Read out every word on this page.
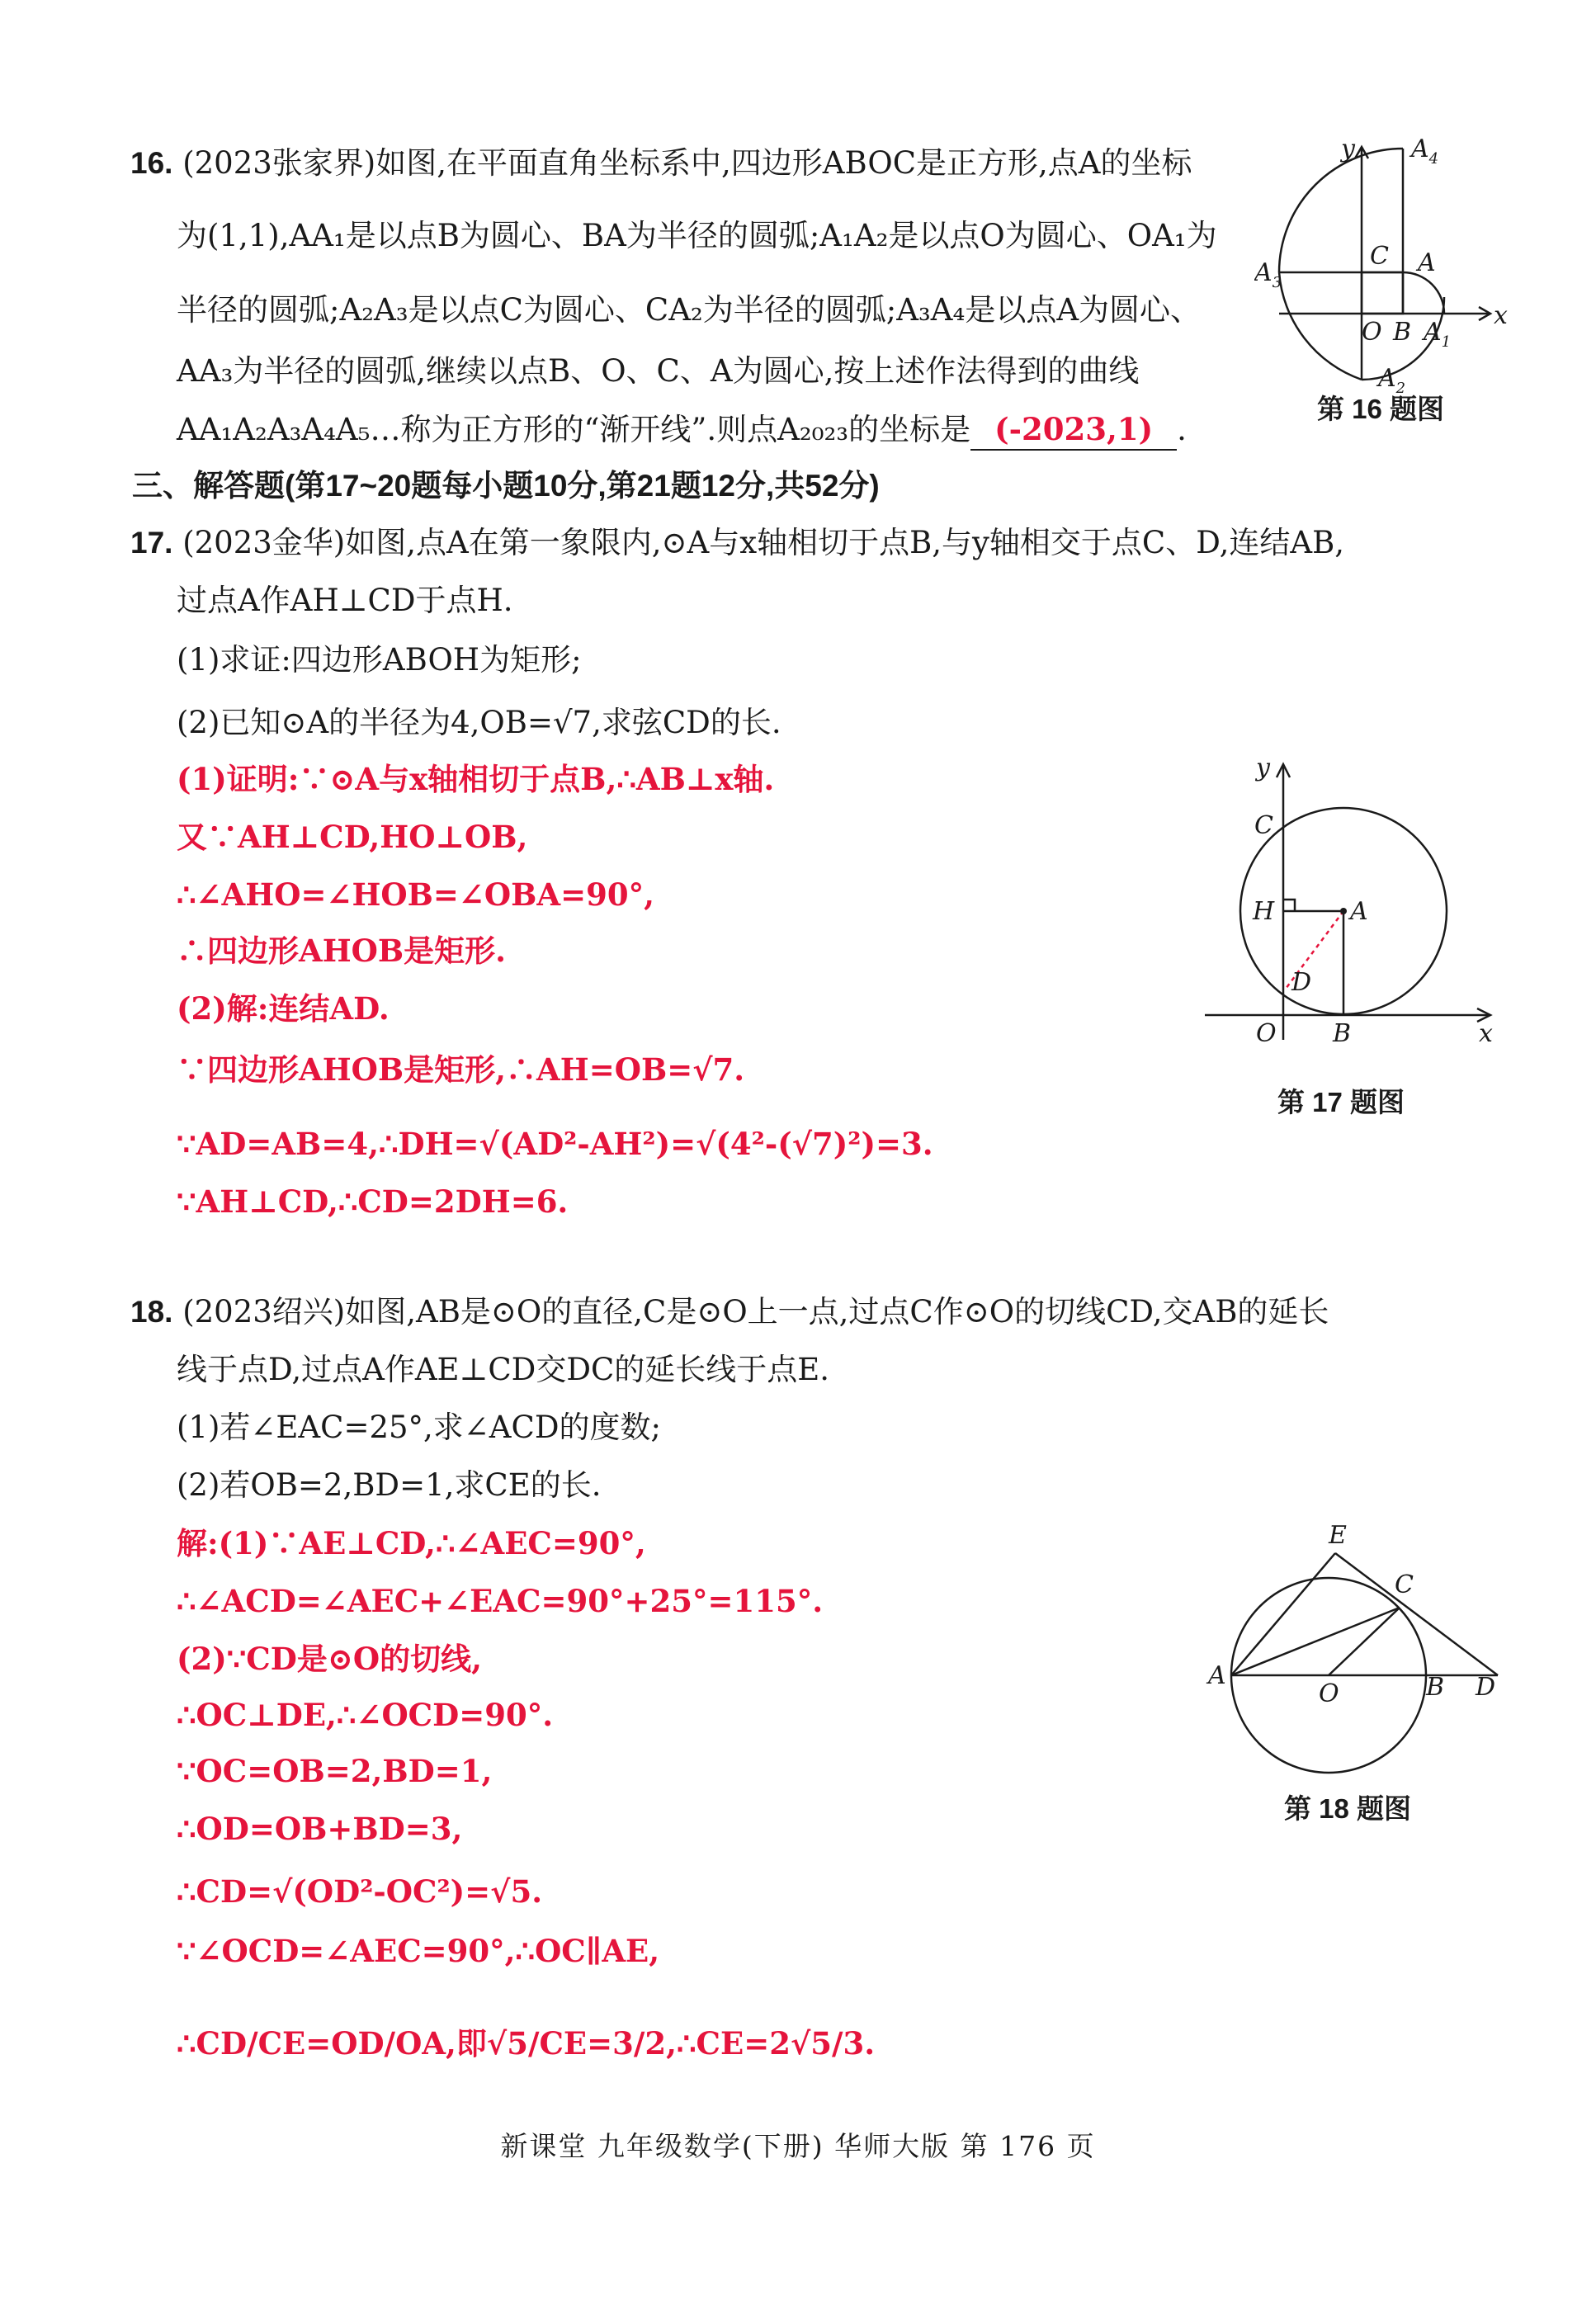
16. (2023张家界)如图,在平面直角坐标系中,四边形ABOC是正方形,点A的坐标
为(1,1),AA₁是以点B为圆心、BA为半径的圆弧;A₁A₂是以点O为圆心、OA₁为
半径的圆弧;A₂A₃是以点C为圆心、CA₂为半径的圆弧;A₃A₄是以点A为圆心、
AA₃为半径的圆弧,继续以点B、O、C、A为圆心,按上述作法得到的曲线
AA₁A₂A₃A₄A₅…称为正方形的“渐开线”.则点A₂₀₂₃的坐标是 (-2023,1) .
y $A_4$
C
$A_3$
A
O B $A_1$
x
$A_2$
第 16 题图
三、解答题(第17~20题每小题10分,第21题12分,共52分)
17. (2023金华)如图,点A在第一象限内,⊙A与x轴相切于点B,与y轴相交于点C、D,连结AB,
过点A作AH⊥CD于点H.
(1)求证:四边形ABOH为矩形;
(2)已知⊙A的半径为4,OB=√7,求弦CD的长.
(1)证明:∵⊙A与x轴相切于点B,∴AB⊥x轴.
又∵AH⊥CD,HO⊥OB,
∴∠AHO=∠HOB=∠OBA=90°,
∴四边形AHOB是矩形.
(2)解:连结AD.
∵四边形AHOB是矩形,∴AH=OB=√7.
∵AD=AB=4,∴DH=√(AD²-AH²)=√(4²-(√7)²)=3.
∵AH⊥CD,∴CD=2DH=6.
y
C
H	A
D
O B	x
第 17 题图
18. (2023绍兴)如图,AB是⊙O的直径,C是⊙O上一点,过点C作⊙O的切线CD,交AB的延长
线于点D,过点A作AE⊥CD交DC的延长线于点E.
(1)若∠EAC=25°,求∠ACD的度数;
(2)若OB=2,BD=1,求CE的长.
解:(1)∵AE⊥CD,∴∠AEC=90°,
∴∠ACD=∠AEC+∠EAC=90°+25°=115°.
(2)∵CD是⊙O的切线,
∴OC⊥DE,∴∠OCD=90°.
∵OC=OB=2,BD=1,
∴OD=OB+BD=3,
∴CD=√(OD²-OC²)=√5.
∵∠OCD=∠AEC=90°,∴OC∥AE,
∴CD/CE=OD/OA,即√5/CE=3/2,∴CE=2√5/3.
E
C
A
O	B D
第 18 题图
新课堂 九年级数学(下册) 华师大版 第 176 页
